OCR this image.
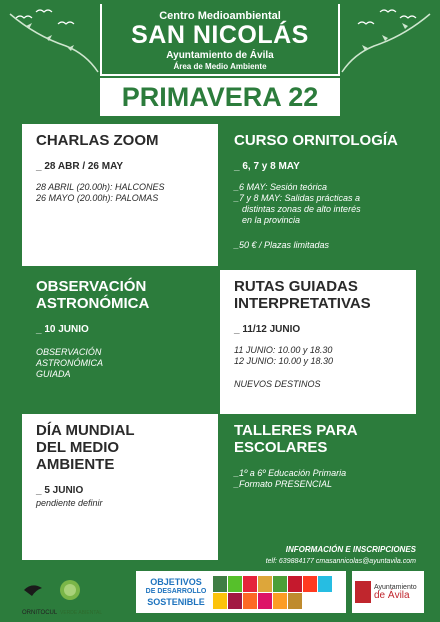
Centro Medioambiental
SAN NICOLÁS
Ayuntamiento de Ávila
Área de Medio Ambiente
PRIMAVERA 22
CHARLAS ZOOM
_ 28 ABR / 26 MAY
28 ABRIL (20.00h): HALCONES
26 MAYO (20.00h): PALOMAS
CURSO ORNITOLOGÍA
_ 6, 7 y 8 MAY
_6 MAY: Sesión teórica
_7 y 8 MAY: Salidas prácticas a
distintas zonas de alto interés
en la provincia
_50 € / Plazas limitadas
OBSERVACIÓN
ASTRONÓMICA
_ 10 JUNIO
OBSERVACIÓN
ASTRONÓMICA
GUIADA
RUTAS GUIADAS
INTERPRETATIVAS
_ 11/12 JUNIO
11 JUNIO: 10.00 y 18.30
12 JUNIO: 10.00 y 18.30
NUEVOS DESTINOS
DÍA MUNDIAL
DEL MEDIO
AMBIENTE
_ 5 JUNIO
pendiente definir
TALLERES PARA
ESCOLARES
_1º a 6º Educación Primaria
_Formato PRESENCIAL
INFORMACIÓN E INSCRIPCIONES
telf: 639884177 cmasannicolas@ayuntavila.com
ORNITOCUL VERDE ABIENTAL
OBJETIVOS
DE DESARROLLO
SOSTENIBLE
Ayuntamiento
de Ávila
